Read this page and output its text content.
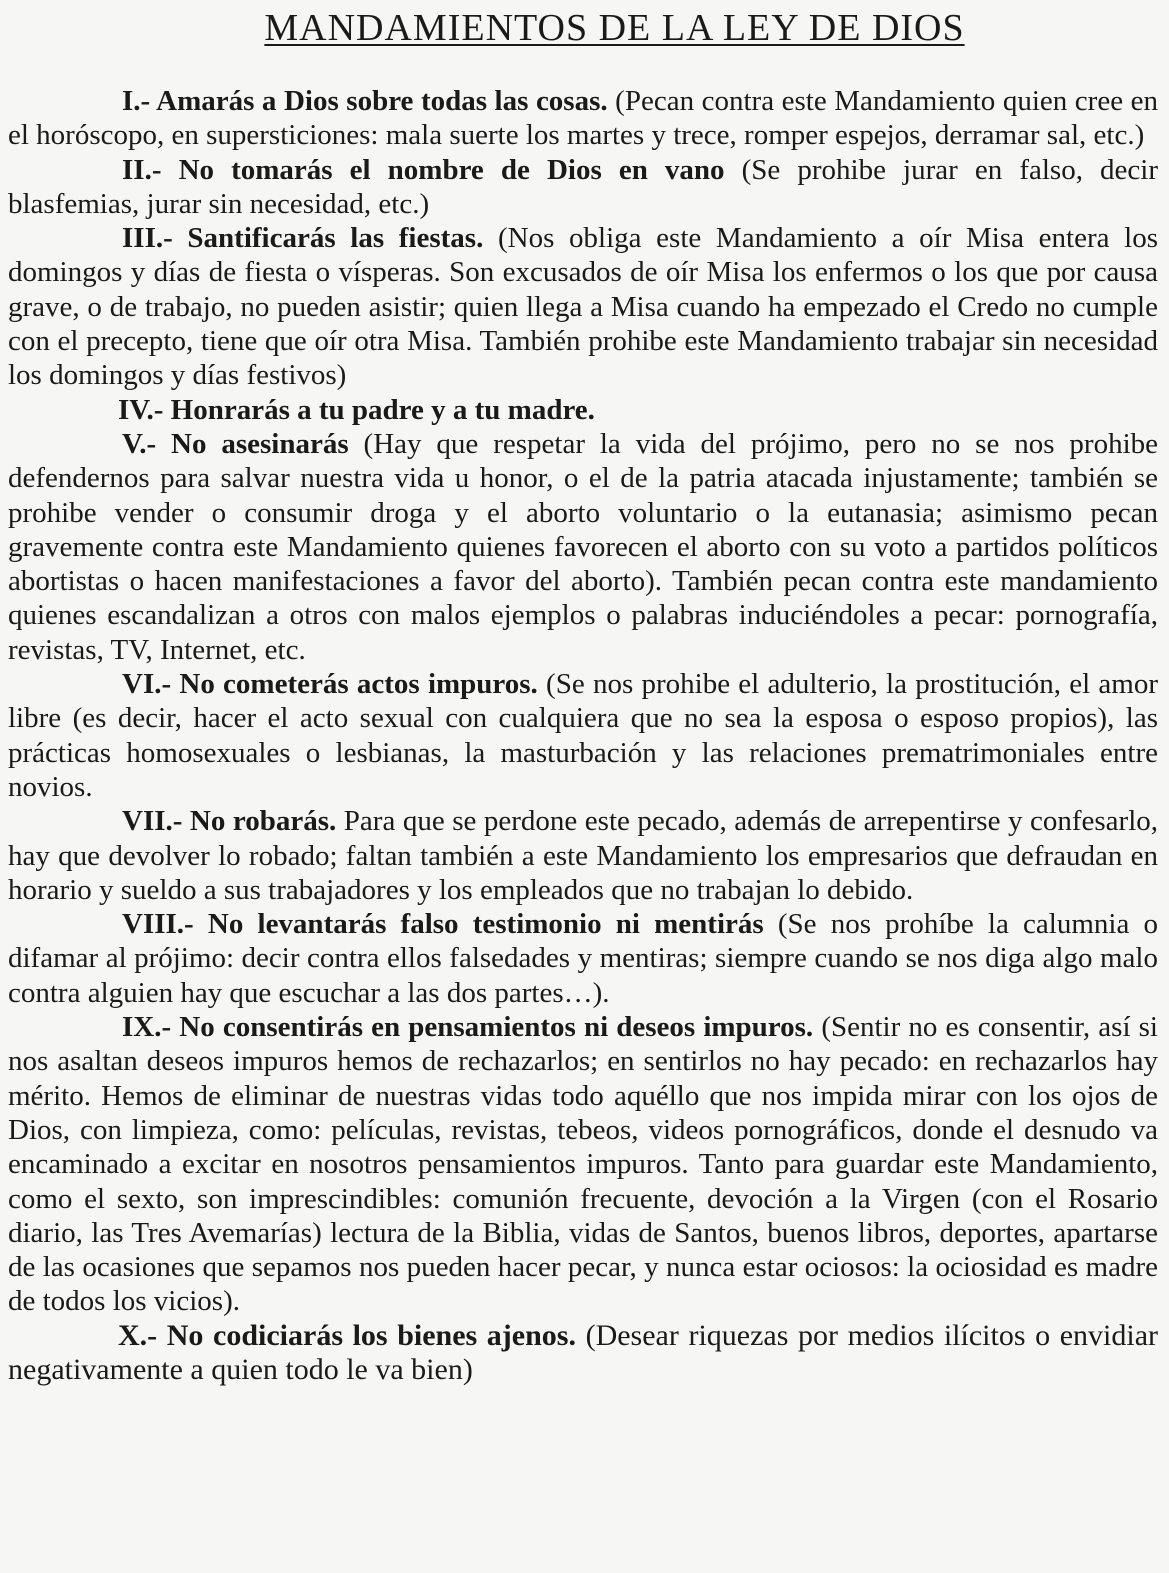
MANDAMIENTOS DE LA LEY DE DIOS

I.- Amarás a Dios sobre todas las cosas. (Pecan contra este Mandamiento quien cree en el horóscopo, en supersticiones: mala suerte los martes y trece, romper espejos, derramar sal, etc.)

II.- No tomarás el nombre de Dios en vano (Se prohibe jurar en falso, decir blasfemias, jurar sin necesidad, etc.)

III.- Santificarás las fiestas. (Nos obliga este Mandamiento a oír Misa entera los domingos y días de fiesta o vísperas. Son excusados de oír Misa los enfermos o los que por causa grave, o de trabajo, no pueden asistir; quien llega a Misa cuando ha empezado el Credo no cumple con el precepto, tiene que oír otra Misa. También prohibe este Mandamiento trabajar sin necesidad los domingos y días festivos)

IV.- Honrarás a tu padre y a tu madre.

V.- No asesinarás (Hay que respetar la vida del prójimo, pero no se nos prohibe defendernos para salvar nuestra vida u honor, o el de la patria atacada injustamente; también se prohibe vender o consumir droga y el aborto voluntario o la eutanasia; asimismo pecan gravemente contra este Mandamiento quienes favorecen el aborto con su voto a partidos políticos abortistas o hacen manifestaciones a favor del aborto). También pecan contra este mandamiento quienes escandalizan a otros con malos ejemplos o palabras induciéndoles a pecar: pornografía, revistas, TV, Internet, etc.

VI.- No cometerás actos impuros. (Se nos prohibe el adulterio, la prostitución, el amor libre (es decir, hacer el acto sexual con cualquiera que no sea la esposa o esposo propios), las prácticas homosexuales o lesbianas, la masturbación y las relaciones prematrimoniales entre novios.

VII.- No robarás. Para que se perdone este pecado, además de arrepentirse y confesarlo, hay que devolver lo robado; faltan también a este Mandamiento los empresarios que defraudan en horario y sueldo a sus trabajadores y los empleados que no trabajan lo debido.

VIII.- No levantarás falso testimonio ni mentirás (Se nos prohíbe la calumnia o difamar al prójimo: decir contra ellos falsedades y mentiras; siempre cuando se nos diga algo malo contra alguien hay que escuchar a las dos partes…).

IX.- No consentirás en pensamientos ni deseos impuros. (Sentir no es consentir, así si nos asaltan deseos impuros hemos de rechazarlos; en sentirlos no hay pecado: en rechazarlos hay mérito. Hemos de eliminar de nuestras vidas todo aquéllo que nos impida mirar con los ojos de Dios, con limpieza, como: películas, revistas, tebeos, videos pornográficos, donde el desnudo va encaminado a excitar en nosotros pensamientos impuros. Tanto para guardar este Mandamiento, como el sexto, son imprescindibles: comunión frecuente, devoción a la Virgen (con el Rosario diario, las Tres Avemarías) lectura de la Biblia, vidas de Santos, buenos libros, deportes, apartarse de las ocasiones que sepamos nos pueden hacer pecar, y nunca estar ociosos: la ociosidad es madre de todos los vicios).

X.- No codiciarás los bienes ajenos. (Desear riquezas por medios ilícitos o envidiar negativamente a quien todo le va bien)
